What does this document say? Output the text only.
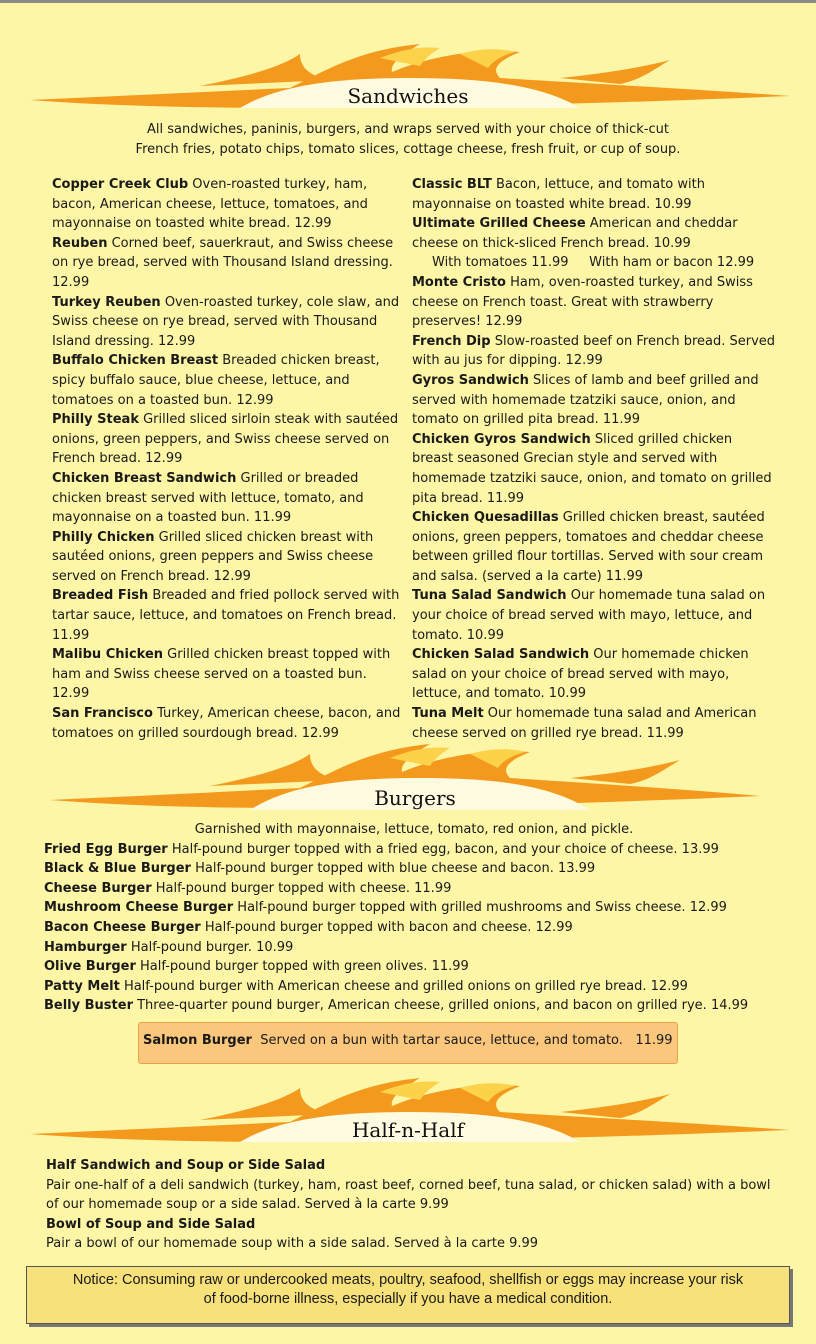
Sandwiches
All sandwiches, paninis, burgers, and wraps served with your choice of thick-cut
French fries, potato chips, tomato slices, cottage cheese, fresh fruit, or cup of soup.

Copper Creek Club Oven-roasted turkey, ham, bacon, American cheese, lettuce, tomatoes, and mayonnaise on toasted white bread. 12.99

Reuben Corned beef, sauerkraut, and Swiss cheese on rye bread, served with Thousand Island dressing. 12.99

Turkey Reuben Oven-roasted turkey, cole slaw, and Swiss cheese on rye bread, served with Thousand Island dressing. 12.99

Buffalo Chicken Breast Breaded chicken breast, spicy buffalo sauce, blue cheese, lettuce, and tomatoes on a toasted bun. 12.99

Philly Steak Grilled sliced sirloin steak with sautéed onions, green peppers, and Swiss cheese served on French bread. 12.99

Chicken Breast Sandwich Grilled or breaded chicken breast served with lettuce, tomato, and mayonnaise on a toasted bun. 11.99

Philly Chicken Grilled sliced chicken breast with sautéed onions, green peppers and Swiss cheese served on French bread. 12.99

Breaded Fish Breaded and fried pollock served with tartar sauce, lettuce, and tomatoes on French bread. 11.99

Malibu Chicken Grilled chicken breast topped with ham and Swiss cheese served on a toasted bun. 12.99

San Francisco Turkey, American cheese, bacon, and tomatoes on grilled sourdough bread. 12.99

Classic BLT Bacon, lettuce, and tomato with mayonnaise on toasted white bread. 10.99

Ultimate Grilled Cheese American and cheddar cheese on thick-sliced French bread. 10.99

With tomatoes 11.99     With ham or bacon 12.99

Monte Cristo Ham, oven-roasted turkey, and Swiss cheese on French toast. Great with strawberry preserves! 12.99

French Dip Slow-roasted beef on French bread. Served with au jus for dipping. 12.99

Gyros Sandwich Slices of lamb and beef grilled and served with homemade tzatziki sauce, onion, and tomato on grilled pita bread. 11.99

Chicken Gyros Sandwich Sliced grilled chicken breast seasoned Grecian style and served with homemade tzatziki sauce, onion, and tomato on grilled pita bread. 11.99

Chicken Quesadillas Grilled chicken breast, sautéed onions, green peppers, tomatoes and cheddar cheese between grilled flour tortillas. Served with sour cream and salsa. (served a la carte) 11.99

Tuna Salad Sandwich Our homemade tuna salad on your choice of bread served with mayo, lettuce, and tomato. 10.99

Chicken Salad Sandwich Our homemade chicken salad on your choice of bread served with mayo, lettuce, and tomato. 10.99

Tuna Melt Our homemade tuna salad and American cheese served on grilled rye bread. 11.99

Burgers

Garnished with mayonnaise, lettuce, tomato, red onion, and pickle.

Fried Egg Burger Half-pound burger topped with a fried egg, bacon, and your choice of cheese. 13.99

Black & Blue Burger Half-pound burger topped with blue cheese and bacon. 13.99

Cheese Burger Half-pound burger topped with cheese. 11.99

Mushroom Cheese Burger Half-pound burger topped with grilled mushrooms and Swiss cheese. 12.99

Bacon Cheese Burger Half-pound burger topped with bacon and cheese. 12.99

Hamburger Half-pound burger. 10.99

Olive Burger Half-pound burger topped with green olives. 11.99

Patty Melt Half-pound burger with American cheese and grilled onions on grilled rye bread. 12.99

Belly Buster Three-quarter pound burger, American cheese, grilled onions, and bacon on grilled rye. 14.99

Salmon Burger  Served on a bun with tartar sauce, lettuce, and tomato.   11.99
Half-n-Half

Half Sandwich and Soup or Side Salad

Pair one-half of a deli sandwich (turkey, ham, roast beef, corned beef, tuna salad, or chicken salad) with a bowl of our homemade soup or a side salad. Served à la carte 9.99

Bowl of Soup and Side Salad

Pair a bowl of our homemade soup with a side salad. Served à la carte 9.99

Notice: Consuming raw or undercooked meats, poultry, seafood, shellfish or eggs may increase your risk
of food-borne illness, especially if you have a medical condition.
